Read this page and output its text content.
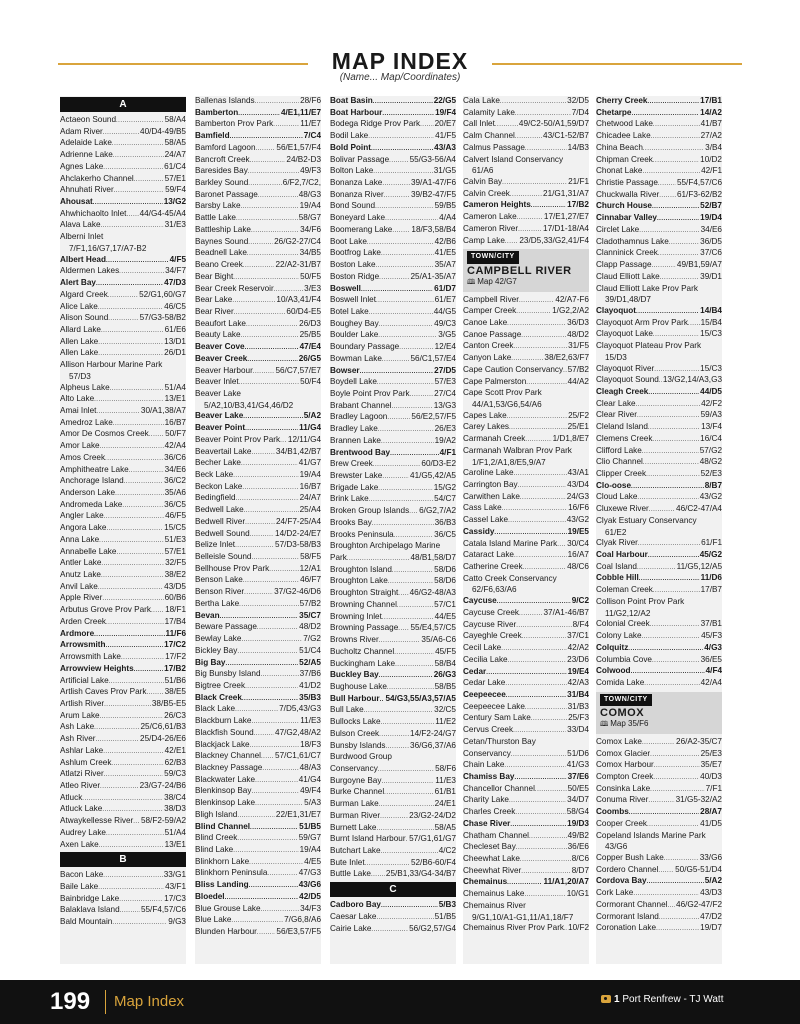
MAP INDEX
(Name... Map/Coordinates)
A
Actaeon Sound .....	58/A4
Adam River .....	40/D4-49/B5
Adelaide Lake .....	58/A5
Adrienne Lake .....	24/A7
Agnes Lake .....	61/C4
Ahclakerho Channel .....	57/E1
Ahnuhati River .....	59/F4
Ahousat .....	13/G2
Ahwhichaolto Inlet ..... 44/G4-45/A4
Alava Lake .....	31/E3
Alberni Inlet
7/F1,16/G7,17/A7-B2
Albert Head .....	4/F5
Aldermen Lakes .....	34/F7
Alert Bay .....	47/D3
Algard Creek .....	52/G1,60/G7
Alice Lake .....	46/C5
Alison Sound .....	57/G3-58/B2
Allard Lake .....	61/E6
Allen Lake .....	13/D1
Allen Lake .....	26/D1
Allison Harbour Marine Park
57/D3
Alpheus Lake .....	51/A4
Alto Lake .....	13/E1
Amai Inlet .....	30/A1,38/A7
Amedroz Lake .....	16/B7
Amor De Cosmos Creek ..... 50/F7
Amor Lake .....	42/A4
Amos Creek .....	36/C6
Amphitheatre Lake .....	34/E6
Anchorage Island .....	36/C2
Anderson Lake .....	35/A6
Andromeda Lake .....	36/C5
Angler Lake .....	46/F5
Angora Lake .....	15/C5
Anna Lake .....	51/E3
Annabelle Lake .....	57/E1
Antler Lake .....	32/F5
Anutz Lake .....	38/E2
Anvil Lake .....	43/D5
Apple River .....	60/B6
Arbutus Grove Prov Park ..... 18/F1
Arden Creek .....	17/B4
Ardmore .....	11/F6
Arrowsmith .....	17/C2
Arrowsmith Lake .....	17/F2
Arrowview Heights .....	17/B2
Artificial Lake .....	51/B6
Artlish Caves Prov Park ..... 38/E5
Artlish River .....	38/B5-E5
Arum Lake .....	26/C3
Ash Lake .....	25/C6,61/B3
Ash River .....	25/D4-26/E6
Ashlar Lake .....	42/E1
Ashlum Creek .....	62/B3
Atlatzi River .....	59/C3
Atleo River .....	23/G7-24/B6
Atluck .....	38/C4
Atluck Lake .....	38/D3
Atwaykellesse River ..... 58/F2-59/A2
Audrey Lake .....	51/A4
Axen Lake .....	13/E1
B
Bacon Lake .....	33/G1
Baile Lake .....	43/F1
Bainbridge Lake .....	17/C3
Balaklava Island .....	55/F4,57/C6
Bald Mountain .....	9/G3
Ballenas Islands .....	28/F6
Bamberton .....	4/E1,11/E7
Bamberton Prov Park .....	11/E7
Bamfield .....	7/C4
Bamford Lagoon .....	56/E1,57/F4
Bancroft Creek .....	24/B2-D3
Baresides Bay .....	49/F3
Barkley Sound .....	6/F2,7/C2,
Baronet Passage .....	48/G3
Barsby Lake .....	19/A4
Battle Lake .....	58/G7
Battleship Lake .....	34/F6
Baynes Sound .....	26/G2-27/C4
Beadnell Lake .....	34/B5
Beano Creek .....	22/A2-31/B7
Bear Bight .....	50/F5
Bear Creek Reservoir .....	3/E3
Bear Lake .....	10/A3,41/F4
Bear River .....	60/D4-E5
Beaufort Lake .....	26/D3
Beauty Lake .....	25/B5
Beaver Cove .....	47/E4
Beaver Creek .....	26/G5
Beaver Harbour .....	56/C7,57/E7
Beaver Inlet .....	50/F4
Beaver Lake
5/A2,10/B3,41/G4,46/D2
Beaver Lake .....	5/A2
Beaver Point .....	11/G4
Beaver Point Prov Park ..... 12/11/G4
Beavertail Lake .....	34/B1,42/B7
Becher Lake .....	41/G7
Beck Lake .....	19/A4
Beckon Lake .....	16/B7
Bedingfield .....	24/A7
Bedwell Lake .....	25/A4
Bedwell River .....	24/F7-25/A4
Bedwell Sound .....	14/D2-24/E7
Belize Inlet .....	57/D3-58/B3
Belleisle Sound .....	58/F5
Bellhouse Prov Park .....	12/A1
Benson Lake .....	46/F7
Benson River .....	37/G2-46/D6
Bertha Lake .....	57/B2
Bevan .....	35/C7
Beware Passage .....	48/D2
Bewlay Lake .....	7/G2
Bickley Bay .....	51/C4
Big Bay .....	52/A5
Big Bunsby Island .....	37/B6
Bigtree Creek .....	41/D2
Black Creek .....	35/B3
Black Lake .....	7/D5,43/G3
Blackburn Lake .....	11/E3
Blackfish Sound .....	47/G2,48/A2
Blackjack Lake .....	18/F3
Blackney Channel ..... 57/C1,61/C7
Blackney Passage .....	48/A3
Blackwater Lake .....	41/G4
Blenkinsop Bay .....	49/F4
Blenkinsop Lake .....	5/A3
Bligh Island .....	22/E1,31/E7
Blind Channel .....	51/B5
Blind Creek .....	59/G7
Blind Lake .....	19/A4
Blinkhorn Lake .....	4/E5
Blinkhorn Peninsula .....	47/G3
Bliss Landing .....	43/G6
Bloedel .....	42/D5
Blue Grouse Lake .....	34/F3
Blue Lake .....	7/G6,8/A6
Blunden Harbour ..... 56/E3,57/F5
Boat Basin .....	22/G5
Boat Harbour .....	19/F4
Bodega Ridge Prov Park ..... 20/E7
Bodil Lake .....	41/F5
Bold Point .....	43/A3
Bolivar Passage ..... 55/G3-56/A4
Bolton Lake .....	31/G5
Bonanza Lake .....	39/A1-47/F6
Bonanza River .....	39/B2-47/F5
Bond Sound .....	59/B5
Boneyard Lake .....	4/A4
Boomerang Lake ..... 18/F3,58/B4
Boot Lake .....	42/B6
Bootfrog Lake .....	41/E5
Boston Lake .....	35/A7
Boston Ridge .....	25/A1-35/A7
Boswell .....	61/D7
Boswell Inlet .....	61/E7
Botel Lake .....	44/G5
Boughey Bay .....	49/C3
Boulder Lake .....	3/G5
Boundary Passage .....	12/E4
Bowman Lake .....	56/C1,57/E4
Bowser .....	27/D5
Boydell Lake .....	57/E3
Boyle Point Prov Park .....	27/C4
Brabant Channel .....	13/G3
Bradley Lagoon .....	56/E2,57/F5
Bradley Lake .....	26/E3
Brannen Lake .....	19/A2
Brentwood Bay .....	4/F1
Brew Creek .....	60/D3-E2
Brewster Lake .....	41/G5,42/A5
Brigade Lake .....	15/G2
Brink Lake .....	54/C7
Broken Group Islands ..... 6/G2,7/A2
Brooks Bay .....	36/B3
Brooks Peninsula .....	36/C5
Broughton Archipelago Marine
Park .....	48/B1,58/D7
Broughton Island .....	58/D6
Broughton Lake .....	58/D6
Broughton Straight ..... 46/G2-48/A3
Browning Channel .....	57/C1
Browning Inlet .....	44/E5
Browning Passage ..... 55/E4,57/C5
Browns River .....	35/A6-C6
Bucholtz Channel .....	45/F5
Buckingham Lake .....	58/B4
Buckley Bay .....	26/G3
Bughouse Lake .....	58/B5
Bull Harbour ..... 54/G3,55/A3,57/A5
Bull Lake .....	32/C5
Bullocks Lake .....	11/E2
Bulson Creek .....	14/F2-24/G7
Bunsby Islands .....	36/G6,37/A6
Burdwood Group
Conservancy .....	58/F6
Burgoyne Bay .....	11/E3
Burke Channel .....	61/B1
Burman Lake .....	24/E1
Burman River .....	23/G2-24/D2
Burnett Lake .....	58/A5
Burnt Island Harbour ..... 57/G1,61/G7
Butchart Lake .....	4/C2
Bute Inlet .....	52/B6-60/F4
Buttle Lake ..... 25/B1,33/G4-34/B7
C
Cadboro Bay .....	5/B3
Caesar Lake .....	51/B5
Cairie Lake .....	56/G2,57/G4
Cala Lake .....	32/D5
Calamity Lake .....	7/D4
Call Inlet .....	49/C2-50/A1,59/D7
Calm Channel .....	43/C1-52/B7
Calmus Passage .....	14/B3
Calvert Island Conservancy
61/A6
Calvin Bay .....	21/F1
Calvin Creek .....	21/G1,31/A7
Cameron Heights .....	17/B2
Cameron Lake .....	17/E1,27/E7
Cameron River .....	17/D1-18/A4
Camp Lake ..... 23/D5,33/G2,41/F4
TOWN/CITY
CAMPBELL RIVER
🕮 Map 42/G7
Campbell River .....	42/A7-F6
Camper Creek .....	1/G2,2/A2
Canoe Lake .....	36/D3
Canoe Passage .....	48/D2
Canton Creek .....	31/F5
Canyon Lake .....	38/E2,63/F7
Cape Caution Conservancy ..... 57/B2
Cape Palmerston .....	44/A2
Cape Scott Prov Park
44/A1,53/G6,54/A6
Capes Lake .....	25/F2
Carey Lakes .....	25/E1
Carmanah Creek .....	1/D1,8/E7
Carmanah Walbran Prov Park
1/F1,2/A1,8/E5,9/A7
Caroline Lake .....	43/A1
Carrington Bay .....	43/D4
Carwithen Lake .....	24/G3
Cass Lake .....	16/F6
Cassel Lake .....	43/G2
Cassidy .....	19/E5
Catala Island Marine Park ..... 30/C4
Cataract Lake .....	16/A7
Catherine Creek .....	48/C6
Catto Creek Conservancy
62/F6,63/A6
Caycuse .....	9/C2
Caycuse Creek .....	37/A1-46/B7
Caycuse River .....	8/F4
Cayeghle Creek .....	37/C1
Cecil Lake .....	42/A2
Cecilia Lake .....	23/D6
Cedar .....	19/E4
Cedar Lake .....	42/A3
Ceepeecee .....	31/B4
Ceepeecee Lake .....	31/B3
Century Sam Lake .....	25/F3
Cervus Creek .....	33/D4
Cetan/Thurston Bay
Conservancy .....	51/D6
Chain Lake .....	41/G3
Chamiss Bay .....	37/E6
Chancellor Channel .....	50/E5
Charity Lake .....	34/D7
Charles Creek .....	58/G4
Chase River .....	19/D3
Chatham Channel .....	49/B2
Checleset Bay .....	36/E6
Cheewhat Lake .....	8/C6
Cheewhat River .....	8/D7
Chemainus .....	11/A1,20/A7
Chemainus Lake .....	10/G1
Chemainus River
9/G1,10/A1-G1,11/A1,18/F7
Chemainus River Prov Park ..... 10/F2
Cherry Creek .....	17/B1
Chetarpe .....	14/A2
Chetwood Lake .....	41/B7
Chicadee Lake .....	27/A2
China Beach .....	3/B4
Chipman Creek .....	10/D2
Chonat Lake .....	42/F1
Christie Passage ..... 55/F4,57/C6
Chuckwalla River ..... 61/F3-62/B2
Church House .....	52/B7
Cinnabar Valley .....	19/D4
Circlet Lake .....	34/E6
Cladothamnus Lake .....	36/D5
Clanninick Creek .....	37/C6
Clapp Passage .....	49/B1,59/A7
Claud Elliott Lake .....	39/D1
Claud Elliott Lake Prov Park
39/D1,48/D7
Clayoquot .....	14/B4
Clayoquot Arm Prov Park ..... 15/B4
Clayoquot Lake .....	15/C3
Clayoquot Plateau Prov Park
15/D3
Clayoquot River .....	15/C3
Clayoquot Sound ..... 13/G2,14/A3,G3
Cleagh Creek .....	44/D5
Clear Lake .....	42/F2
Clear River .....	59/A3
Cleland Island .....	13/F4
Clemens Creek .....	16/C4
Clifford Lake .....	57/G2
Clio Channel .....	48/G2
Clipper Creek .....	52/E3
Clo-oose .....	8/B7
Cloud Lake .....	43/G2
Cluxewe River .....	46/C2-47/A4
Clyak Estuary Conservancy
61/E2
Clyak River .....	61/F1
Coal Harbour .....	45/G2
Coal Island .....	11/G5,12/A5
Cobble Hill .....	11/D6
Coleman Creek .....	17/B7
Collison Point Prov Park
11/G2,12/A2
Colonial Creek .....	37/B1
Colony Lake .....	45/F3
Colquitz .....	4/G3
Columbia Cove .....	36/E5
Colwood .....	4/F4
Comida Lake .....	42/A4
TOWN/CITY
COMOX
🕮 Map 35/F6
Comox Lake .....	26/A2-35/C7
Comox Glacier .....	25/E3
Comox Harbour .....	35/E7
Compton Creek .....	40/D3
Consinka Lake .....	7/F1
Conuma River .....	31/G5-32/A2
Coombs .....	28/A7
Cooper Creek .....	41/D5
Copeland Islands Marine Park
43/G6
Copper Bush Lake .....	33/G6
Cordero Channel ..... 50/G5-51/D4
Cordova Bay .....	5/A2
Cork Lake .....	43/D3
Cormorant Channel ..... 46/G2-47/F2
Cormorant Island .....	47/D2
Coronation Lake .....	19/D7
199 Map Index	1 Port Renfrew - TJ Watt
